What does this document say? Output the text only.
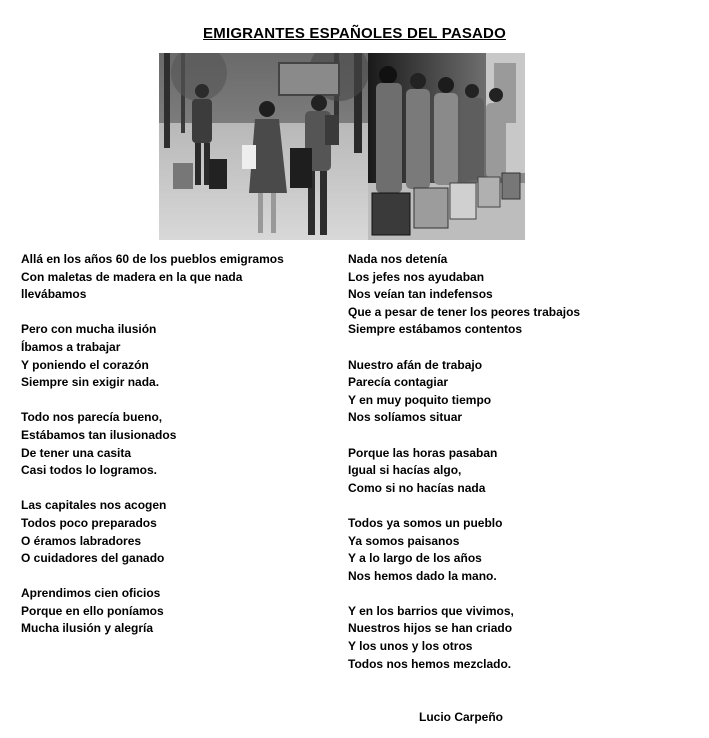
EMIGRANTES ESPAÑOLES DEL PASADO
Allá en los años 60 de los pueblos emigramos
Con maletas de madera en la que nada
llevábamos
Pero con mucha ilusión
Íbamos a trabajar
Y poniendo el corazón
Siempre sin exigir nada.
Todo nos parecía bueno,
Estábamos tan ilusionados
De tener una casita
Casi todos lo logramos.
Las capitales nos acogen
Todos poco preparados
O éramos labradores
O cuidadores del ganado
Aprendimos cien oficios
Porque en ello poníamos
Mucha ilusión y alegría
Nada nos detenía
Los jefes nos ayudaban
Nos veían tan indefensos
Que a pesar de tener los peores trabajos
Siempre estábamos contentos
Nuestro afán de trabajo
Parecía contagiar
Y en muy poquito tiempo
Nos solíamos situar
Porque las horas pasaban
Igual si hacías algo,
Como si no hacías nada
Todos ya somos un pueblo
Ya somos paisanos
Y a lo largo de los años
Nos hemos dado la mano.
Y en los barrios que vivimos,
Nuestros hijos se han criado
Y los unos y los otros
Todos nos hemos mezclado.
Lucio Carpeño
